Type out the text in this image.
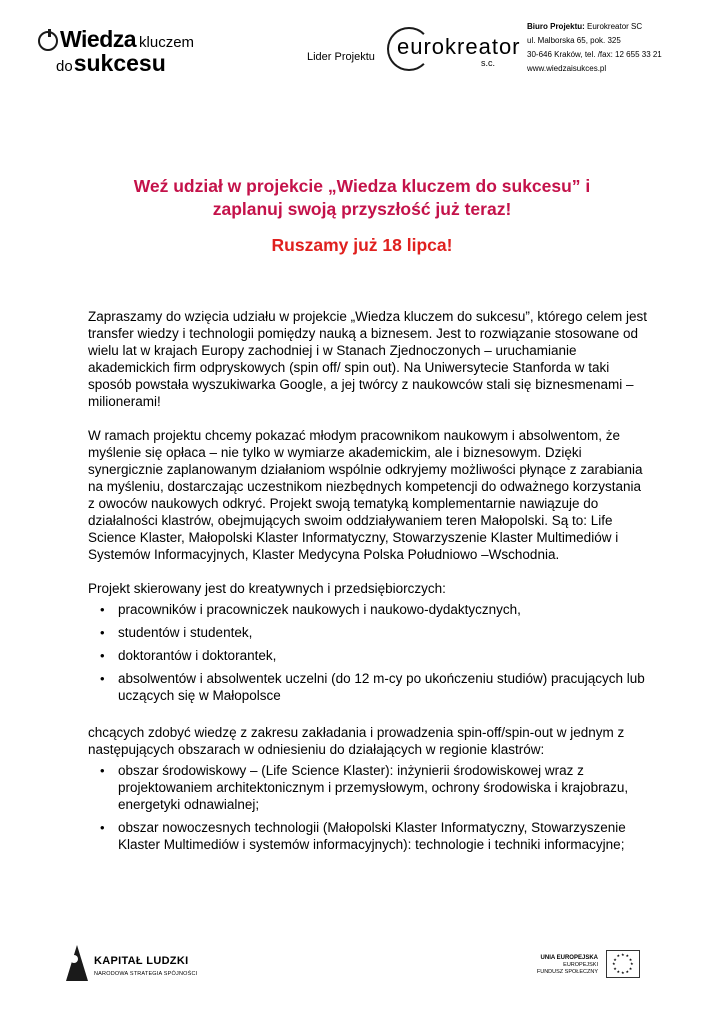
Wiedza kluczem
dosukcesu	Lider Projektu eurokreator
s.c.
Biuro Projektu: Eurokreator SC
ul. Malborska 65, pok. 325
30-646 Kraków, tel. /fax: 12 655 33 21
www.wiedzaisukces.pl
Weź udział w projekcie „Wiedza kluczem do sukcesu” i
zaplanuj swoją przyszłość już teraz!
Ruszamy już 18 lipca!

Zapraszamy do wzięcia udziału w projekcie „Wiedza kluczem do sukcesu”, którego celem jest transfer wiedzy i technologii pomiędzy nauką a biznesem. Jest to rozwiązanie stosowane od wielu lat w krajach Europy zachodniej i w Stanach Zjednoczonych – uruchamianie akademickich firm odpryskowych (spin off/ spin out). Na Uniwersytecie Stanforda w taki sposób powstała wyszukiwarka Google, a jej twórcy z naukowców stali się biznesmenami – milionerami!

W ramach projektu chcemy pokazać młodym pracownikom naukowym i absolwentom, że myślenie się opłaca – nie tylko w wymiarze akademickim, ale i biznesowym. Dzięki synergicznie zaplanowanym działaniom wspólnie odkryjemy możliwości płynące z zarabiania na myśleniu, dostarczając uczestnikom niezbędnych kompetencji do odważnego korzystania z owoców naukowych odkryć. Projekt swoją tematyką komplementarnie nawiązuje do działalności klastrów, obejmujących swoim oddziaływaniem teren Małopolski. Są to: Life Science Klaster, Małopolski Klaster Informatyczny, Stowarzyszenie Klaster Multimediów i Systemów Informacyjnych, Klaster Medycyna Polska Południowo –Wschodnia.

Projekt skierowany jest do kreatywnych i przedsiębiorczych:

• pracowników i pracowniczek naukowych i naukowo-dydaktycznych,
• studentów i studentek,
• doktorantów i doktorantek,
• absolwentów i absolwentek uczelni (do 12 m-cy po ukończeniu studiów) pracujących lub uczących się w Małopolsce

chcących zdobyć wiedzę z zakresu zakładania i prowadzenia spin-off/spin-out w jednym z następujących obszarach w odniesieniu do działających w regionie klastrów:

• obszar środowiskowy – (Life Science Klaster): inżynierii środowiskowej wraz z projektowaniem architektonicznym i przemysłowym, ochrony środowiska i krajobrazu, energetyki odnawialnej;
• obszar nowoczesnych technologii (Małopolski Klaster Informatyczny, Stowarzyszenie Klaster Multimediów i systemów informacyjnych): technologie i techniki informacyjne;
KAPITAŁ LUDZKI
NARODOWA STRATEGIA SPÓJNOŚCI
UNIA EUROPEJSKA
EUROPEJSKI
FUNDUSZ SPOŁECZNY
★ ★
★
★
★
★
★
★
★
★
★
★
